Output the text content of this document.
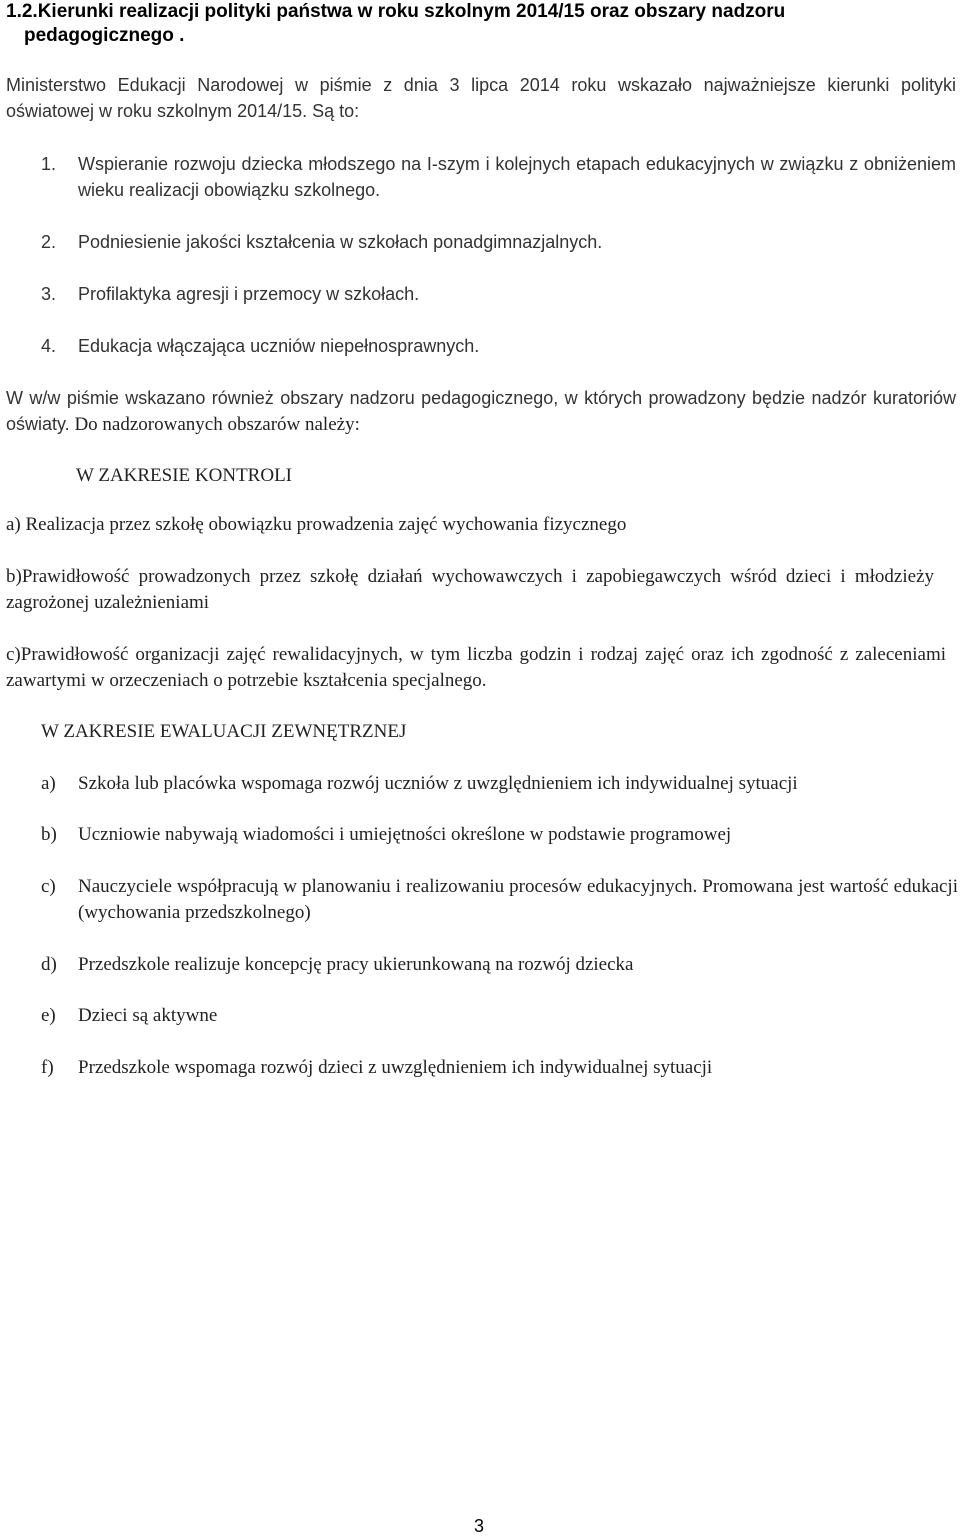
1.2.Kierunki realizacji polityki państwa w roku szkolnym 2014/15 oraz obszary nadzoru
pedagogicznego .
Ministerstwo Edukacji Narodowej w piśmie z dnia 3 lipca 2014 roku wskazało najważniejsze kierunki polityki oświatowej w roku szkolnym 2014/15. Są to:
1. Wspieranie rozwoju dziecka młodszego na I-szym i kolejnych etapach edukacyjnych w związku z obniżeniem wieku realizacji obowiązku szkolnego.
2. Podniesienie jakości kształcenia w szkołach ponadgimnazjalnych.
3. Profilaktyka agresji i przemocy w szkołach.
4. Edukacja włączająca uczniów niepełnosprawnych.
W w/w piśmie wskazano również obszary nadzoru pedagogicznego, w których prowadzony będzie nadzór kuratoriów oświaty. Do nadzorowanych obszarów należy:
W ZAKRESIE KONTROLI
a) Realizacja przez szkołę obowiązku prowadzenia zajęć wychowania fizycznego
b)Prawidłowość prowadzonych przez szkołę działań wychowawczych i zapobiegawczych wśród dzieci i młodzieży zagrożonej uzależnieniami
c)Prawidłowość organizacji zajęć rewalidacyjnych, w tym liczba godzin i rodzaj zajęć oraz ich zgodność z zaleceniami zawartymi w orzeczeniach o potrzebie kształcenia specjalnego.
W ZAKRESIE EWALUACJI ZEWNĘTRZNEJ
a) Szkoła lub placówka wspomaga rozwój uczniów z uwzględnieniem ich indywidualnej sytuacji
b) Uczniowie nabywają wiadomości i umiejętności określone w podstawie programowej
c) Nauczyciele współpracują w planowaniu i realizowaniu procesów edukacyjnych. Promowana jest wartość edukacji (wychowania przedszkolnego)
d) Przedszkole realizuje koncepcję pracy ukierunkowaną na rozwój dziecka
e) Dzieci są aktywne
f) Przedszkole wspomaga rozwój dzieci z uwzględnieniem ich indywidualnej sytuacji
3
